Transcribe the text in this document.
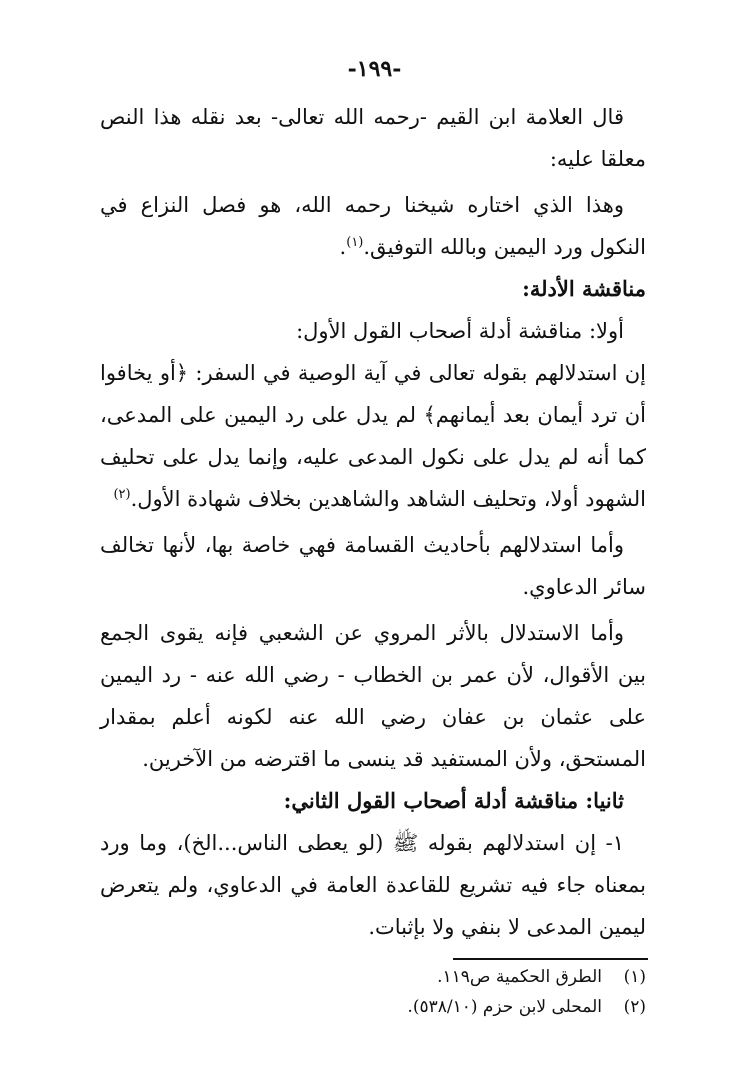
-١٩٩-

قال العلامة ابن القيم -رحمه الله تعالى- بعد نقله هذا النص معلقا عليه:

وهذا الذي اختاره شيخنا رحمه الله، هو فصل النزاع في النكول ورد اليمين وبالله التوفيق.$^{(١)}$.

مناقشة الأدلة:

أولا: مناقشة أدلة أصحاب القول الأول:

إن استدلالهم بقوله تعالى في آية الوصية في السفر: ﴿أو يخافوا أن ترد أيمان بعد أيمانهم﴾ لم يدل على رد اليمين على المدعى، كما أنه لم يدل على نكول المدعى عليه، وإنما يدل على تحليف الشهود أولا، وتحليف الشاهد والشاهدين بخلاف شهادة الأول.$^{(٢)}$

وأما استدلالهم بأحاديث القسامة فهي خاصة بها، لأنها تخالف سائر الدعاوي.

وأما الاستدلال بالأثر المروي عن الشعبي فإنه يقوى الجمع بين الأقوال، لأن عمر بن الخطاب - رضي الله عنه - رد اليمين على عثمان بن عفان رضي الله عنه لكونه أعلم بمقدار المستحق، ولأن المستفيد قد ينسى ما اقترضه من الآخرين.

ثانيا: مناقشة أدلة أصحاب القول الثاني:

١- إن استدلالهم بقوله ﷺ (لو يعطى الناس...الخ)، وما ورد بمعناه جاء فيه تشريع للقاعدة العامة في الدعاوي، ولم يتعرض ليمين المدعى لا بنفي ولا بإثبات.

(١)
الطرق الحكمية ص١١٩.
(٢)
المحلى لابن حزم (٥٣٨/١٠).
